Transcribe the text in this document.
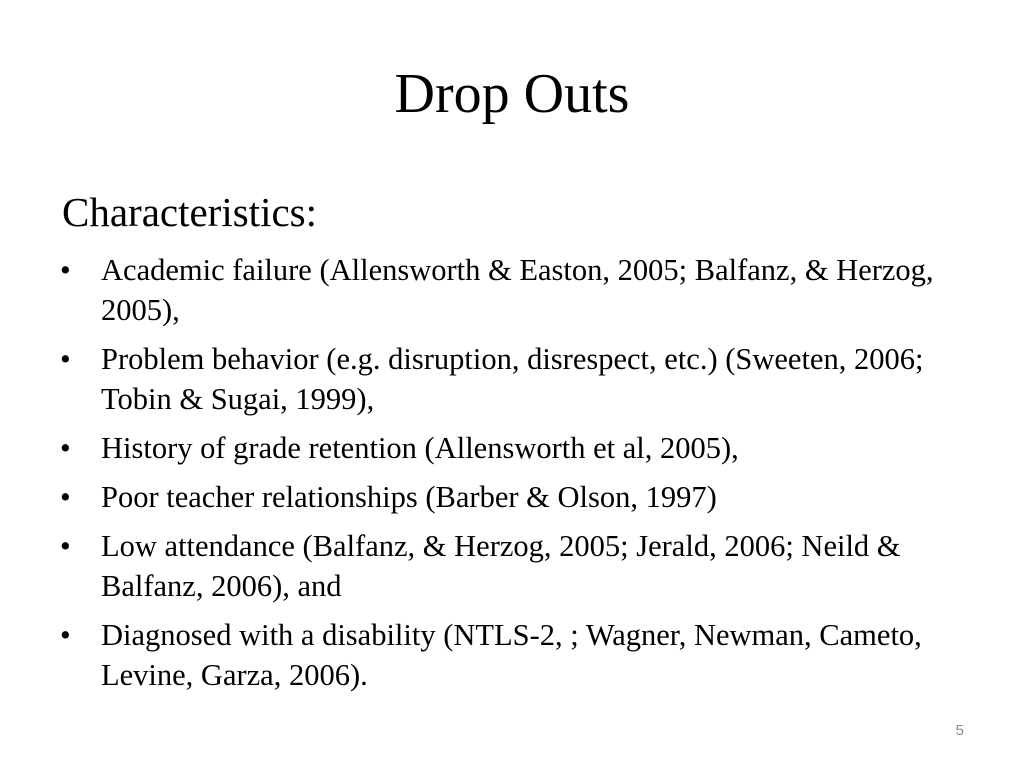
Drop Outs
Characteristics:
• Academic failure (Allensworth & Easton, 2005; Balfanz, & Herzog, 2005),
• Problem behavior (e.g. disruption, disrespect, etc.) (Sweeten, 2006; Tobin & Sugai, 1999),
• History of grade retention (Allensworth et al, 2005),
• Poor teacher relationships (Barber & Olson, 1997)
• Low attendance (Balfanz, & Herzog, 2005; Jerald, 2006; Neild & Balfanz, 2006), and
• Diagnosed with a disability (NTLS-2, ; Wagner, Newman, Cameto, Levine, Garza, 2006).
5
